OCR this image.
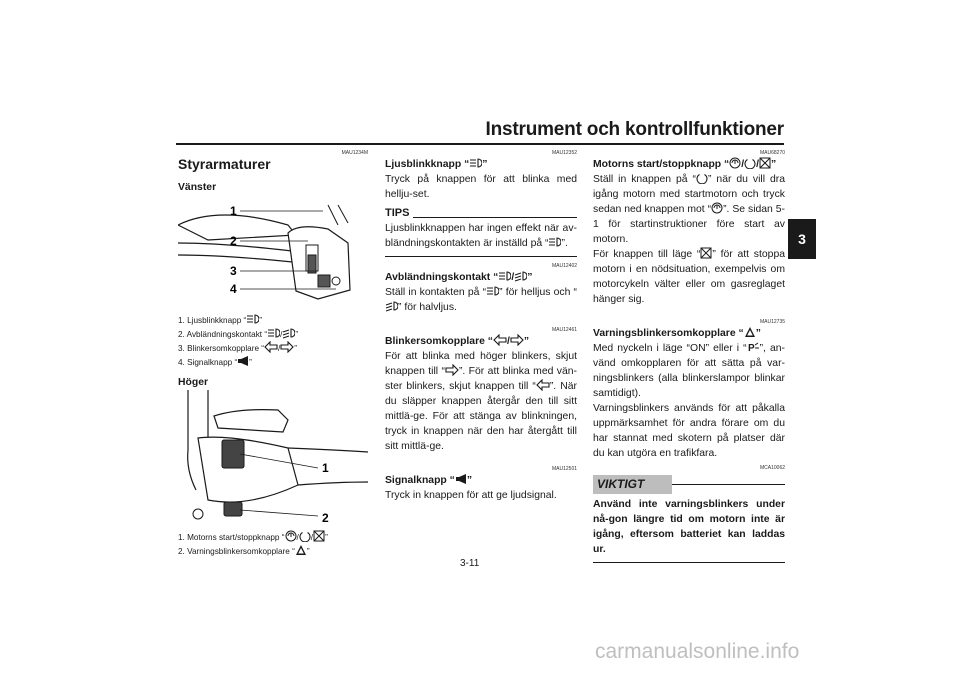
Instrument och kontrollfunktioner
3
MAU1234M
Styrarmaturer
Vänster
1
2
3
4
1. Ljusblinkknapp “ ”
2. Avbländningskontakt “ / ”
3. Blinkersomkopplare “ / ”
4. Signalknapp “ ”
Höger
1
2
1. Motorns start/stoppknapp “ / / ”
2. Varningsblinkersomkopplare “ ”
MAU12352

Ljusblinkknapp “ ”

Tryck på knappen för att blinka med hellju-set.

TIPS

Ljusblinkknappen har ingen effekt när av-bländningskontakten är inställd på “ ”.

MAU12402

Avbländningskontakt “ / ”

Ställ in kontakten på “ ” för helljus och “” för halvljus.

MAU12461

Blinkersomkopplare “ / ”

För att blinka med höger blinkers, skjut knappen till “ ”. För att blinka med vän-ster blinkers, skjut knappen till “ ”. När du släpper knappen återgår den till sitt mittlä-ge. För att stänga av blinkningen, tryck in knappen när den har återgått till sitt mittlä-ge.

MAU12501

Signalknapp “ ”

Tryck in knappen för att ge ljudsignal.

MAU68270

Motorns start/stoppknapp “ / / ”

Ställ in knappen på “ ” när du vill dra igång motorn med startmotorn och tryck sedan ned knappen mot “ ”. Se sidan 5-1 för startinstruktioner före start av motorn.

För knappen till läge “ ” för att stoppa motorn i en nödsituation, exempelvis om motorcykeln välter eller om gasreglaget hänger sig.

MAU12735

Varningsblinkersomkopplare “ ”

Med nyckeln i läge “ON” eller i “ ”, an-vänd omkopplaren för att sätta på var-ningsblinkers (alla blinkerslampor blinkar samtidigt).

Varningsblinkers används för att påkalla uppmärksamhet för andra förare om du har stannat med skotern på platser där du kan utgöra en trafikfara.

MCA10062
VIKTIGT

Använd inte varningsblinkers under nå-gon längre tid om motorn inte är igång, eftersom batteriet kan laddas ur.

3-11
carmanualsonline.info
